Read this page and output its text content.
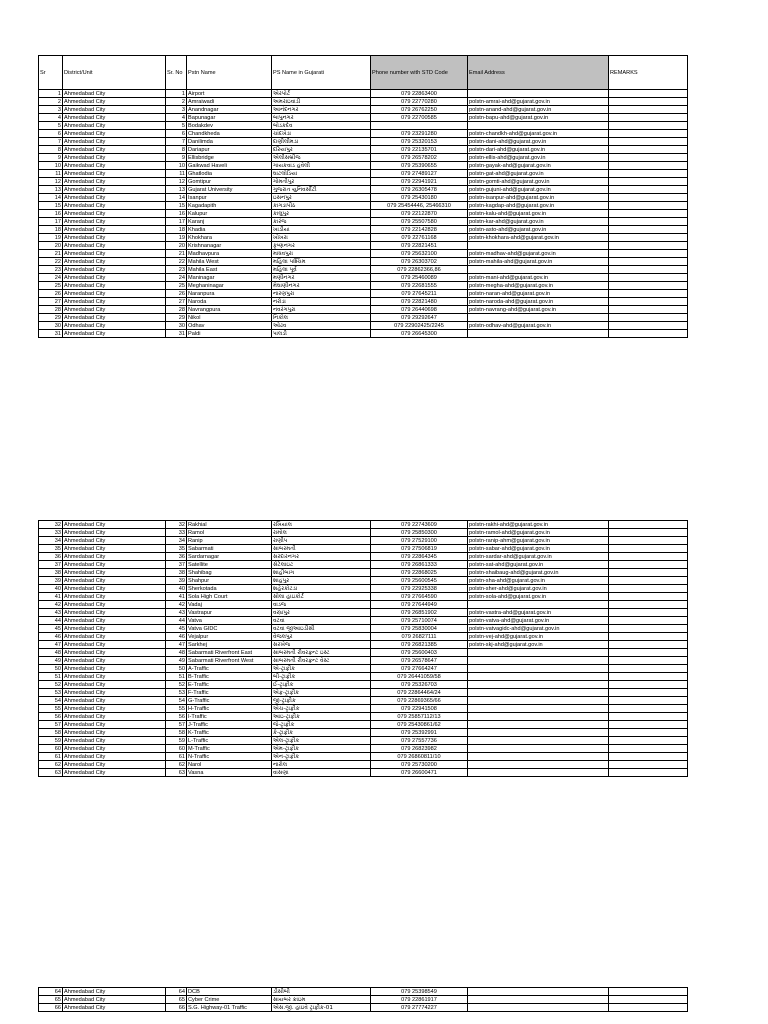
Sr	District/Unit	Sr. No	Pstn Name	PS Name in Gujarati	Phone number with STD Code	Email Address	REMARKS
1	Ahmedabad City	1	Airport	એરપોર્ટ	079 22863400		
2	Ahmedabad City	2	Amraiwadi	અમરાઇવાડી	079 22770280	polstn-amrai-ahd@gujarat.gov.in	
3	Ahmedabad City	3	Anandnagar	આનંદનગર	079 26762250	polstn-anand-ahd@gujarat.gov.in	
4	Ahmedabad City	4	Bapunagar	બાપુનગર	079 22700585	polstn-bapu-ahd@gujarat.gov.in	
5	Ahmedabad City	5	Bodakdev	બોડકદેવ			
6	Ahmedabad City	6	Chandkheda	ચાંદખેડા	079 23291280	polstn-chandkh-ahd@gujarat.gov.in	
7	Ahmedabad City	7	Danilimda	દાણીલીમડા	079 25320153	polstn-dani-ahd@gujarat.gov.in	
8	Ahmedabad City	8	Dariapur	દરિયાપુર	079 22135701	polstn-dari-ahd@gujarat.gov.in	
9	Ahmedabad City	9	Ellisbridge	એલીસબ્રીજ	079 26578202	polstn-ellis-ahd@gujarat.gov.in	
10	Ahmedabad City	10	Gaikwad Haveli	ગાયકવાડ હવેલી	079 25390655	polstn-gayak-ahd@gujarat.gov.in	
11	Ahmedabad City	11	Ghatlodia	ઘાટલોડિયા	079 27489127	polstn-gat-ahd@gujarat.gov.in	
12	Ahmedabad City	12	Gomtipur	ગોમતીપુર	079 22941921	polstn-gomti-ahd@gujarat.gov.in	
13	Ahmedabad City	13	Gujarat University	ગુજરાત યુનિવર્સીટી	079 26305478	polstn-gujuni-ahd@gujarat.gov.in	
14	Ahmedabad City	14	Isanpur	ઇસનપુર	079 25430180	polstn-isanpur-ahd@gujarat.gov.in	
15	Ahmedabad City	15	Kagadapith	કાગડાપીઠ	079 25454446, 25466310	polstn-kagdap-ahd@gujarat.gov.in	
16	Ahmedabad City	16	Kalupur	કાલુપુર	079 22122870	polstn-kalu-ahd@gujarat.gov.in	
17	Ahmedabad City	17	Karanj	કારંજ	079 25507580	polstn-kar-ahd@gujarat.gov.in	
18	Ahmedabad City	18	Khadia	ખાડીયા	079 22142828	polstn-asto-ahd@gujarat.gov.in	
19	Ahmedabad City	19	Khokhara	ખોખરા	079 22761168	polstn-khokhara-ahd@gujarat.gov.in	
20	Ahmedabad City	20	Krishnanagar	કૃષ્ણનગર	079 22821451		
21	Ahmedabad City	21	Madhavpura	માધવપુરા	079 25632100	polstn-madhav-ahd@gujarat.gov.in	
22	Ahmedabad City	22	Mahila West	મહિલા પશ્ચિમ	079 26303702	polstn-mahila-ahd@gujarat.gov.in	
23	Ahmedabad City	23	Mahila East	મહિલા પૂર્વ	079 22862366,86		
24	Ahmedabad City	24	Maninagar	મણીનગર	079 25460089	polstn-mani-ahd@gujarat.gov.in	
25	Ahmedabad City	25	Meghaninagar	મેઘાણીનગર	079 22681555	polstn-megha-ahd@gujarat.gov.in	
26	Ahmedabad City	26	Naranpura	નારણપુરા	079 27645211	polstn-naran-ahd@gujarat.gov.in	
27	Ahmedabad City	27	Naroda	નરોડા	079 22821480	polstn-naroda-ahd@gujarat.gov.in	
28	Ahmedabad City	28	Navrangpura	નવરંગપુરા	079 26440698	polstn-navrang-ahd@gujarat.gov.in	
29	Ahmedabad City	29	Nikol	નિકોલ	079 29292647		
30	Ahmedabad City	30	Odhav	ઓઢવ	079 22902425/2245	polstn-odhav-ahd@gujarat.gov.in	
31	Ahmedabad City	31	Paldi	પાલડી	079 26645300		
32	Ahmedabad City	32	Rakhial	રખિયાલ	079 22743609	polstn-rakhi-ahd@gujarat.gov.in	
33	Ahmedabad City	33	Ramol	રામોલ	079 25850300	polstn-ramol-ahd@gujarat.gov.in	
34	Ahmedabad City	34	Ranip	રાણીપ	079 27529100	polstn-ranip-ahm@gujarat.gov.in	
35	Ahmedabad City	35	Sabarmati	સાબરમતી	079 27506819	polstn-sabar-ahd@gujarat.gov.in	
36	Ahmedabad City	36	Sardarnagar	સરદારનગર	079 22864345	polstn-sardar-ahd@gujarat.gov.in	
37	Ahmedabad City	37	Satellite	સેટેલાઇટ	079 26861333	polstn-sat-ahd@gujarat.gov.in	
38	Ahmedabad City	38	Shahibag	શાહીબાગ	079 22868025	polstn-shaibaug-ahd@gujarat.gov.in	
39	Ahmedabad City	39	Shahpur	શાહપુર	079 25600545	polstn-sha-ahd@gujarat.gov.in	
40	Ahmedabad City	40	Sherkotada	શહેરકોટડા	079 22925338	polstn-sher-ahd@gujarat.gov.in	
41	Ahmedabad City	41	Sola High Court	સોલા હાઇકોર્ટ	079 27664590	polstn-sola-ahd@gujarat.gov.in	
42	Ahmedabad City	42	Vadaj	વાડજ	079 27644949		
43	Ahmedabad City	43	Vastrapur	વસ્ત્રાપુર	079 26851902	polstn-vastra-ahd@gujarat.gov.in	
44	Ahmedabad City	44	Vatva	વટવા	079 25710074	polstn-vatva-ahd@gujarat.gov.in	
45	Ahmedabad City	45	Vatva GIDC	વટવા જીઆઇડીસી	079 25830004	polstn-vatvagidc-ahd@gujarat.gov.in	
46	Ahmedabad City	46	Vejalpur	વેજલપુર	079 26827111	polstn-vej-ahd@gujarat.gov.in	
47	Ahmedabad City	47	Sarkhej	સરખેજ	079 26821385	polstn-skj-ahd@gujarat.gov.in	
48	Ahmedabad City	48	Sabarmati Riverfront East	સાબરમતી રીવરફ્રન્ટ ઇસ્ટ	079 25600403		
49	Ahmedabad City	49	Sabarmati Riverfront West	સાબરમતી રીવરફ્રન્ટ વેસ્ટ	079 26578647		
50	Ahmedabad City	50	A-Traffic	એ-ટ્રાફીક	079 27664247		
51	Ahmedabad City	51	B-Traffic	બી-ટ્રાફીક	079 26441059/58		
52	Ahmedabad City	52	E-Traffic	ઈ-ટ્રાફીક	079 25326703		
53	Ahmedabad City	53	F-Traffic	એફ-ટ્રાફીક	079 22864464/24		
54	Ahmedabad City	54	G-Traffic	જી-ટ્રાફીક	079 22869365/66		
55	Ahmedabad City	55	H-Traffic	એચ-ટ્રાફીક	079 22941508		
56	Ahmedabad City	56	I-Traffic	આઇ-ટ્રાફીક	079 25857112/13		
57	Ahmedabad City	57	J-Traffic	જે-ટ્રાફીક	079 25430861/62		
58	Ahmedabad City	58	K-Traffic	કે-ટ્રાફીક	079 25392991		
59	Ahmedabad City	59	L-Traffic	એલ-ટ્રાફીક	079 27557736		
60	Ahmedabad City	60	M-Traffic	એમ-ટ્રાફીક	079 26823982		
61	Ahmedabad City	61	N-Traffic	એન-ટ્રાફીક	079 26860811/10		
62	Ahmedabad City	62	Narol	નારોલ	079 25730200		
63	Ahmedabad City	63	Vasna	વાસણા	079 26600471		
64	Ahmedabad City	64	DCB	ડીસીબી	079 25398549		
65	Ahmedabad City	65	Cyber Crime	સાયબર ક્રાઇમ	079 22861917		
66	Ahmedabad City	66	S.G. Highway-01 Traffic	એસ.જી. હાઇવે ટ્રાફીક-01	079 27774227		
